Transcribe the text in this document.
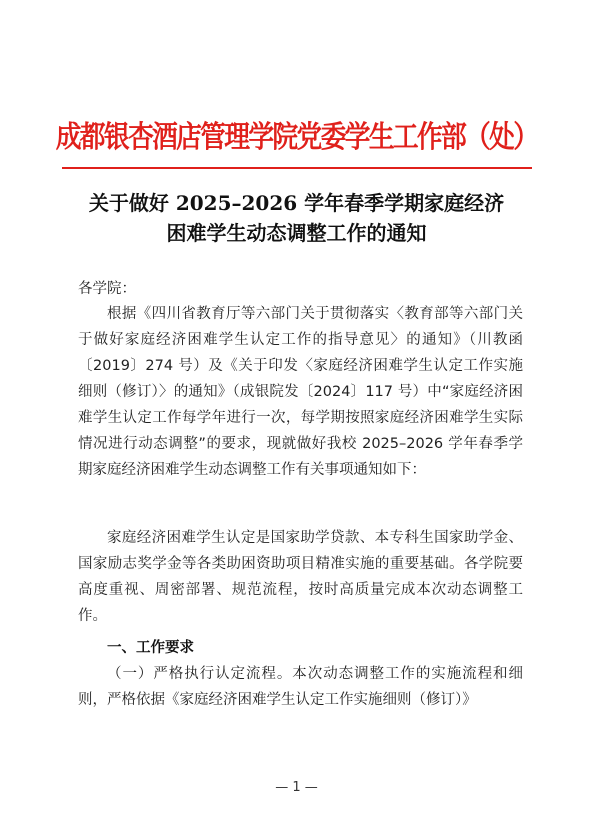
成都银杏酒店管理学院党委学生工作部（处）
关于做好 2025–2026 学年春季学期家庭经济
困难学生动态调整工作的通知
各学院：
根据《四川省教育厅等六部门关于贯彻落实〈教育部等六部门关于做好家庭经济困难学生认定工作的指导意见〉的通知》（川教函〔2019〕274 号）及《关于印发〈家庭经济困难学生认定工作实施细则（修订）〉的通知》（成银院发〔2024〕117 号）中“家庭经济困难学生认定工作每学年进行一次，每学期按照家庭经济困难学生实际情况进行动态调整”的要求，现就做好我校 2025–2026 学年春季学期家庭经济困难学生动态调整工作有关事项通知如下：
家庭经济困难学生认定是国家助学贷款、本专科生国家助学金、国家励志奖学金等各类助困资助项目精准实施的重要基础。各学院要高度重视、周密部署、规范流程，按时高质量完成本次动态调整工作。
一、工作要求
（一）严格执行认定流程。本次动态调整工作的实施流程和细则，严格依据《家庭经济困难学生认定工作实施细则（修订）》
— 1 —
